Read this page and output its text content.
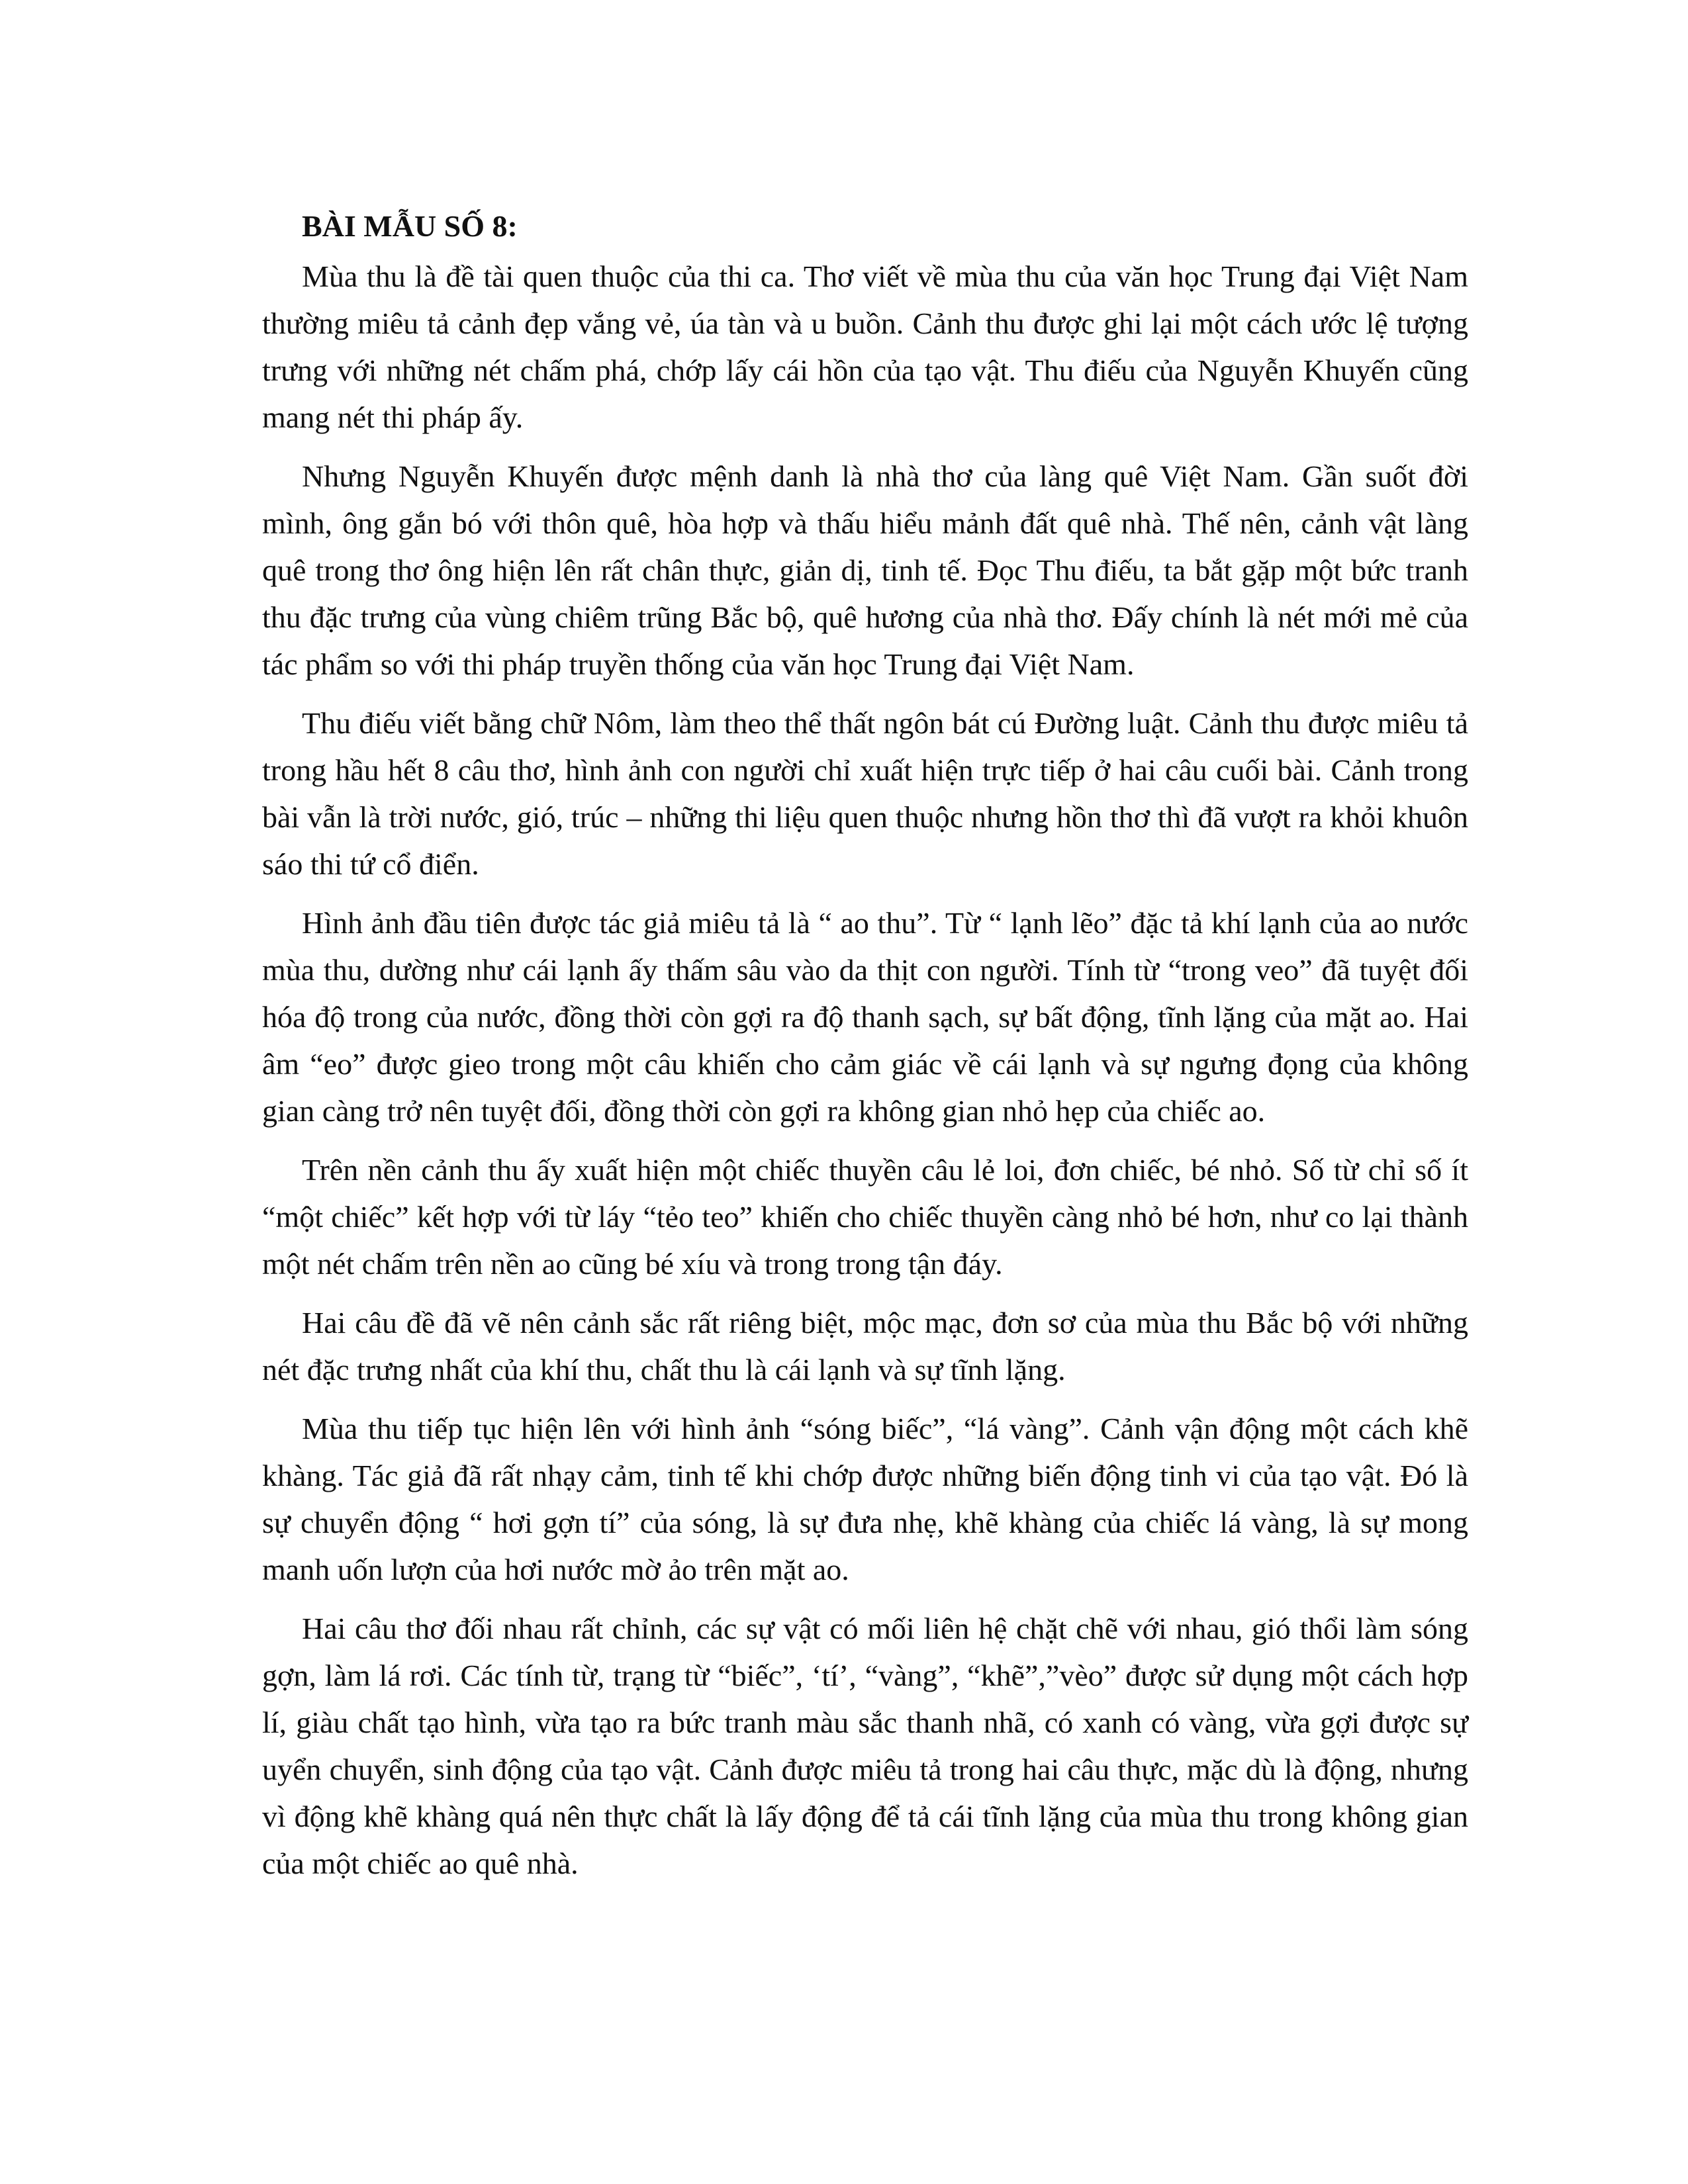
BÀI MẪU SỐ 8:

Mùa thu là đề tài quen thuộc của thi ca. Thơ viết về mùa thu của văn học Trung đại Việt Nam thường miêu tả cảnh đẹp vắng vẻ, úa tàn và u buồn. Cảnh thu được ghi lại một cách ước lệ tượng trưng với những nét chấm phá, chớp lấy cái hồn của tạo vật. Thu điếu của Nguyễn Khuyến cũng mang nét thi pháp ấy.

Nhưng Nguyễn Khuyến được mệnh danh là nhà thơ của làng quê Việt Nam. Gần suốt đời mình, ông gắn bó với thôn quê, hòa hợp và thấu hiểu mảnh đất quê nhà. Thế nên, cảnh vật làng quê trong thơ ông hiện lên rất chân thực, giản dị, tinh tế. Đọc Thu điếu, ta bắt gặp một bức tranh thu đặc trưng của vùng chiêm trũng Bắc bộ, quê hương của nhà thơ. Đấy chính là nét mới mẻ của tác phẩm so với thi pháp truyền thống của văn học Trung đại Việt Nam.

Thu điếu viết bằng chữ Nôm, làm theo thể thất ngôn bát cú Đường luật. Cảnh thu được miêu tả trong hầu hết 8 câu thơ, hình ảnh con người chỉ xuất hiện trực tiếp ở hai câu cuối bài. Cảnh trong bài vẫn là trời nước, gió, trúc – những thi liệu quen thuộc nhưng hồn thơ thì đã vượt ra khỏi khuôn sáo thi tứ cổ điển.

Hình ảnh đầu tiên được tác giả miêu tả là “ ao thu”. Từ “ lạnh lẽo” đặc tả khí lạnh của ao nước mùa thu, dường như cái lạnh ấy thấm sâu vào da thịt con người. Tính từ “trong veo” đã tuyệt đối hóa độ trong của nước, đồng thời còn gợi ra độ thanh sạch, sự bất động, tĩnh lặng của mặt ao. Hai âm “eo” được gieo trong một câu khiến cho cảm giác về cái lạnh và sự ngưng đọng của không gian càng trở nên tuyệt đối, đồng thời còn gợi ra không gian nhỏ hẹp của chiếc ao.

Trên nền cảnh thu ấy xuất hiện một chiếc thuyền câu lẻ loi, đơn chiếc, bé nhỏ. Số từ chỉ số ít “một chiếc” kết hợp với từ láy “tẻo teo” khiến cho chiếc thuyền càng nhỏ bé hơn, như co lại thành một nét chấm trên nền ao cũng bé xíu và trong trong tận đáy.

Hai câu đề đã vẽ nên cảnh sắc rất riêng biệt, mộc mạc, đơn sơ của mùa thu Bắc bộ với những nét đặc trưng nhất của khí thu, chất thu là cái lạnh và sự tĩnh lặng.

Mùa thu tiếp tục hiện lên với hình ảnh “sóng biếc”, “lá vàng”. Cảnh vận động một cách khẽ khàng. Tác giả đã rất nhạy cảm, tinh tế khi chớp được những biến động tinh vi của tạo vật. Đó là sự chuyển động “ hơi gợn tí” của sóng, là sự đưa nhẹ, khẽ khàng của chiếc lá vàng, là sự mong manh uốn lượn của hơi nước mờ ảo trên mặt ao.

Hai câu thơ đối nhau rất chỉnh, các sự vật có mối liên hệ chặt chẽ với nhau, gió thổi làm sóng gợn, làm lá rơi. Các tính từ, trạng từ “biếc”, ‘tí’, “vàng”, “khẽ”,”vèo” được sử dụng một cách hợp lí, giàu chất tạo hình, vừa tạo ra bức tranh màu sắc thanh nhã, có xanh có vàng, vừa gợi được sự uyển chuyển, sinh động của tạo vật. Cảnh được miêu tả trong hai câu thực, mặc dù là động, nhưng vì động khẽ khàng quá nên thực chất là lấy động để tả cái tĩnh lặng của mùa thu trong không gian của một chiếc ao quê nhà.
